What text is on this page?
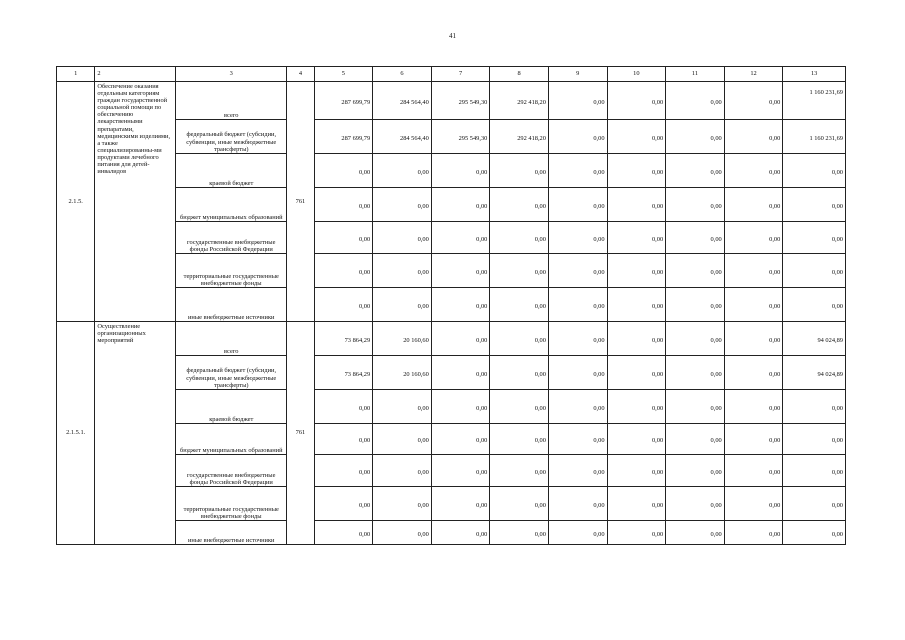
41
1	2	3	4	5	6	7	8	9	10	11	12	13
2.1.5.	Обеспечение оказания отдельным категориям граждан государственной социальной помощи по обеспечению лекарственными препаратами, медицинскими изделиями, а также специализированны-ми продуктами лечебного питания для детей-инвалидов	всего	761	287 699,79	284 564,40	295 549,30	292 418,20	0,00	0,00	0,00	0,00	1 160 231,69
		федеральный бюджет (субсидии, субвенции, иные межбюджетные трансферты)		287 699,79	284 564,40	295 549,30	292 418,20	0,00	0,00	0,00	0,00	1 160 231,69
		краевой бюджет		0,00	0,00	0,00	0,00	0,00	0,00	0,00	0,00	0,00
		бюджет муниципальных образований		0,00	0,00	0,00	0,00	0,00	0,00	0,00	0,00	0,00
		государственные внебюджетные фонды Российской Федерации		0,00	0,00	0,00	0,00	0,00	0,00	0,00	0,00	0,00
		территориальные государственные внебюджетные фонды		0,00	0,00	0,00	0,00	0,00	0,00	0,00	0,00	0,00
		иные внебюджетные источники		0,00	0,00	0,00	0,00	0,00	0,00	0,00	0,00	0,00
2.1.5.1.	Осуществление организационных мероприятий	всего	761	73 864,29	20 160,60	0,00	0,00	0,00	0,00	0,00	0,00	94 024,89
		федеральный бюджет (субсидии, субвенции, иные межбюджетные трансферты)		73 864,29	20 160,60	0,00	0,00	0,00	0,00	0,00	0,00	94 024,89
		краевой бюджет		0,00	0,00	0,00	0,00	0,00	0,00	0,00	0,00	0,00
		бюджет муниципальных образований		0,00	0,00	0,00	0,00	0,00	0,00	0,00	0,00	0,00
		государственные внебюджетные фонды Российской Федерации		0,00	0,00	0,00	0,00	0,00	0,00	0,00	0,00	0,00
		территориальные государственные внебюджетные фонды		0,00	0,00	0,00	0,00	0,00	0,00	0,00	0,00	0,00
		иные внебюджетные источники		0,00	0,00	0,00	0,00	0,00	0,00	0,00	0,00	0,00
